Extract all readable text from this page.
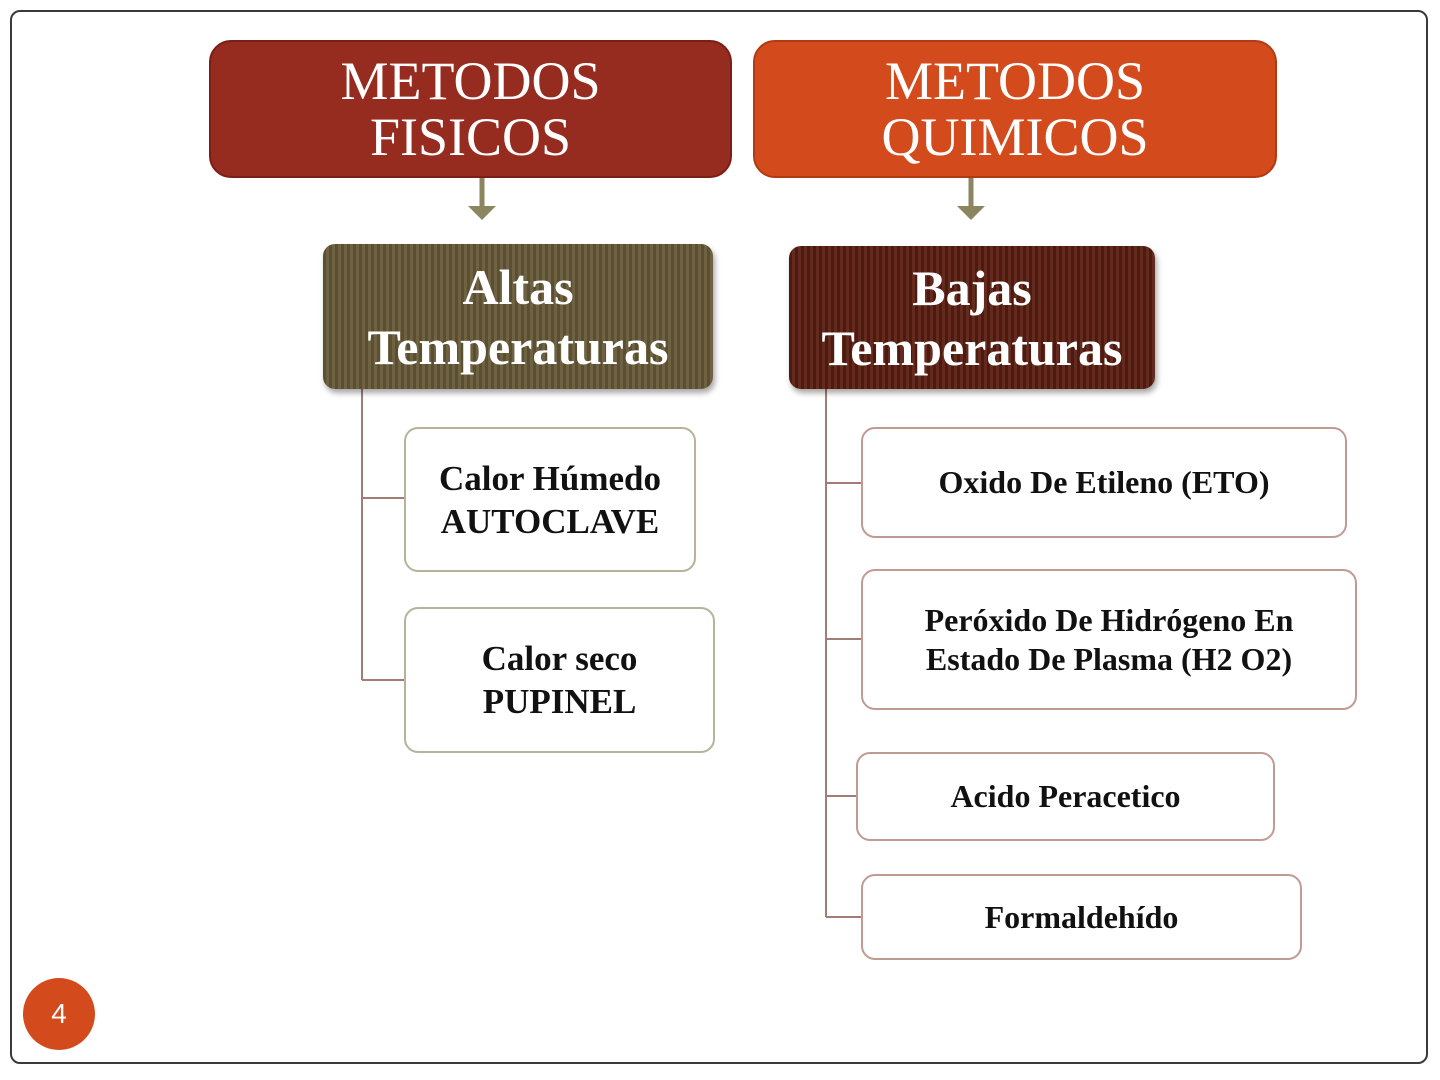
METODOS
FISICOS
METODOS
QUIMICOS
Altas
Temperaturas
Bajas
Temperaturas
Calor Húmedo
AUTOCLAVE
Calor seco
PUPINEL
Oxido De Etileno (ETO)
Peróxido De Hidrógeno En
Estado De Plasma (H2 O2)
Acido Peracetico
Formaldehído
4
